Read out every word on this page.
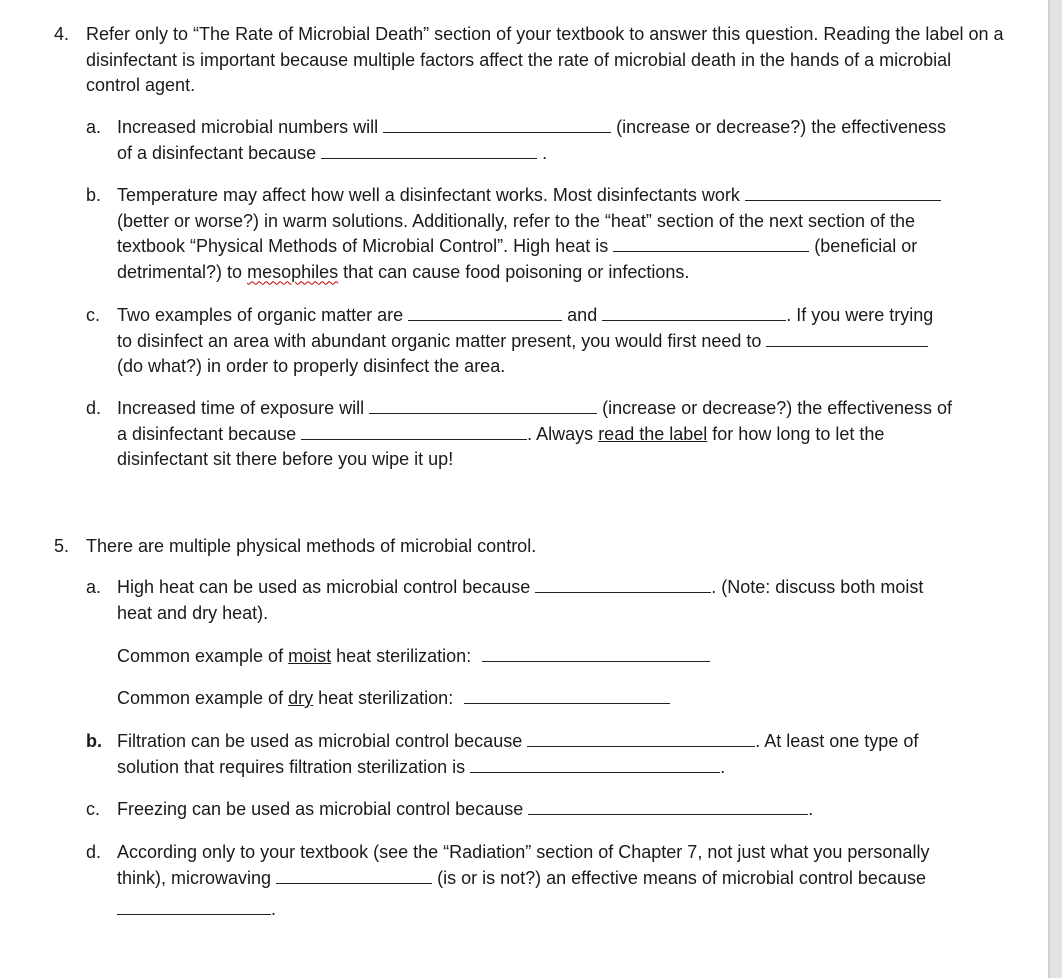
4. Refer only to “The Rate of Microbial Death” section of your textbook to answer this question. Reading the label on a disinfectant is important because multiple factors affect the rate of microbial death in the hands of a microbial control agent.
a. Increased microbial numbers will	(increase or decrease?) the effectiveness
of a disinfectant because	.
b. Temperature may affect how well a disinfectant works. Most disinfectants work
(better or worse?) in warm solutions. Additionally, refer to the “heat” section of the next section of the
textbook “Physical Methods of Microbial Control”. High heat is	(beneficial or
detrimental?) to mesophiles that can cause food poisoning or infections.
c. Two examples of organic matter are	and	. If you were trying
to disinfect an area with abundant organic matter present, you would first need to
(do what?) in order to properly disinfect the area.
d. Increased time of exposure will	(increase or decrease?) the effectiveness of
a disinfectant because	. Always read the label for how long to let the
disinfectant sit there before you wipe it up!
5. There are multiple physical methods of microbial control.
a. High heat can be used as microbial control because	. (Note: discuss both moist
heat and dry heat).
Common example of moist heat sterilization:
Common example of dry heat sterilization:
b. Filtration can be used as microbial control because	. At least one type of
solution that requires filtration sterilization is	.
c. Freezing can be used as microbial control because	.
d. According only to your textbook (see the “Radiation” section of Chapter 7, not just what you personally
think), microwaving	(is or is not?) an effective means of microbial control because
.
